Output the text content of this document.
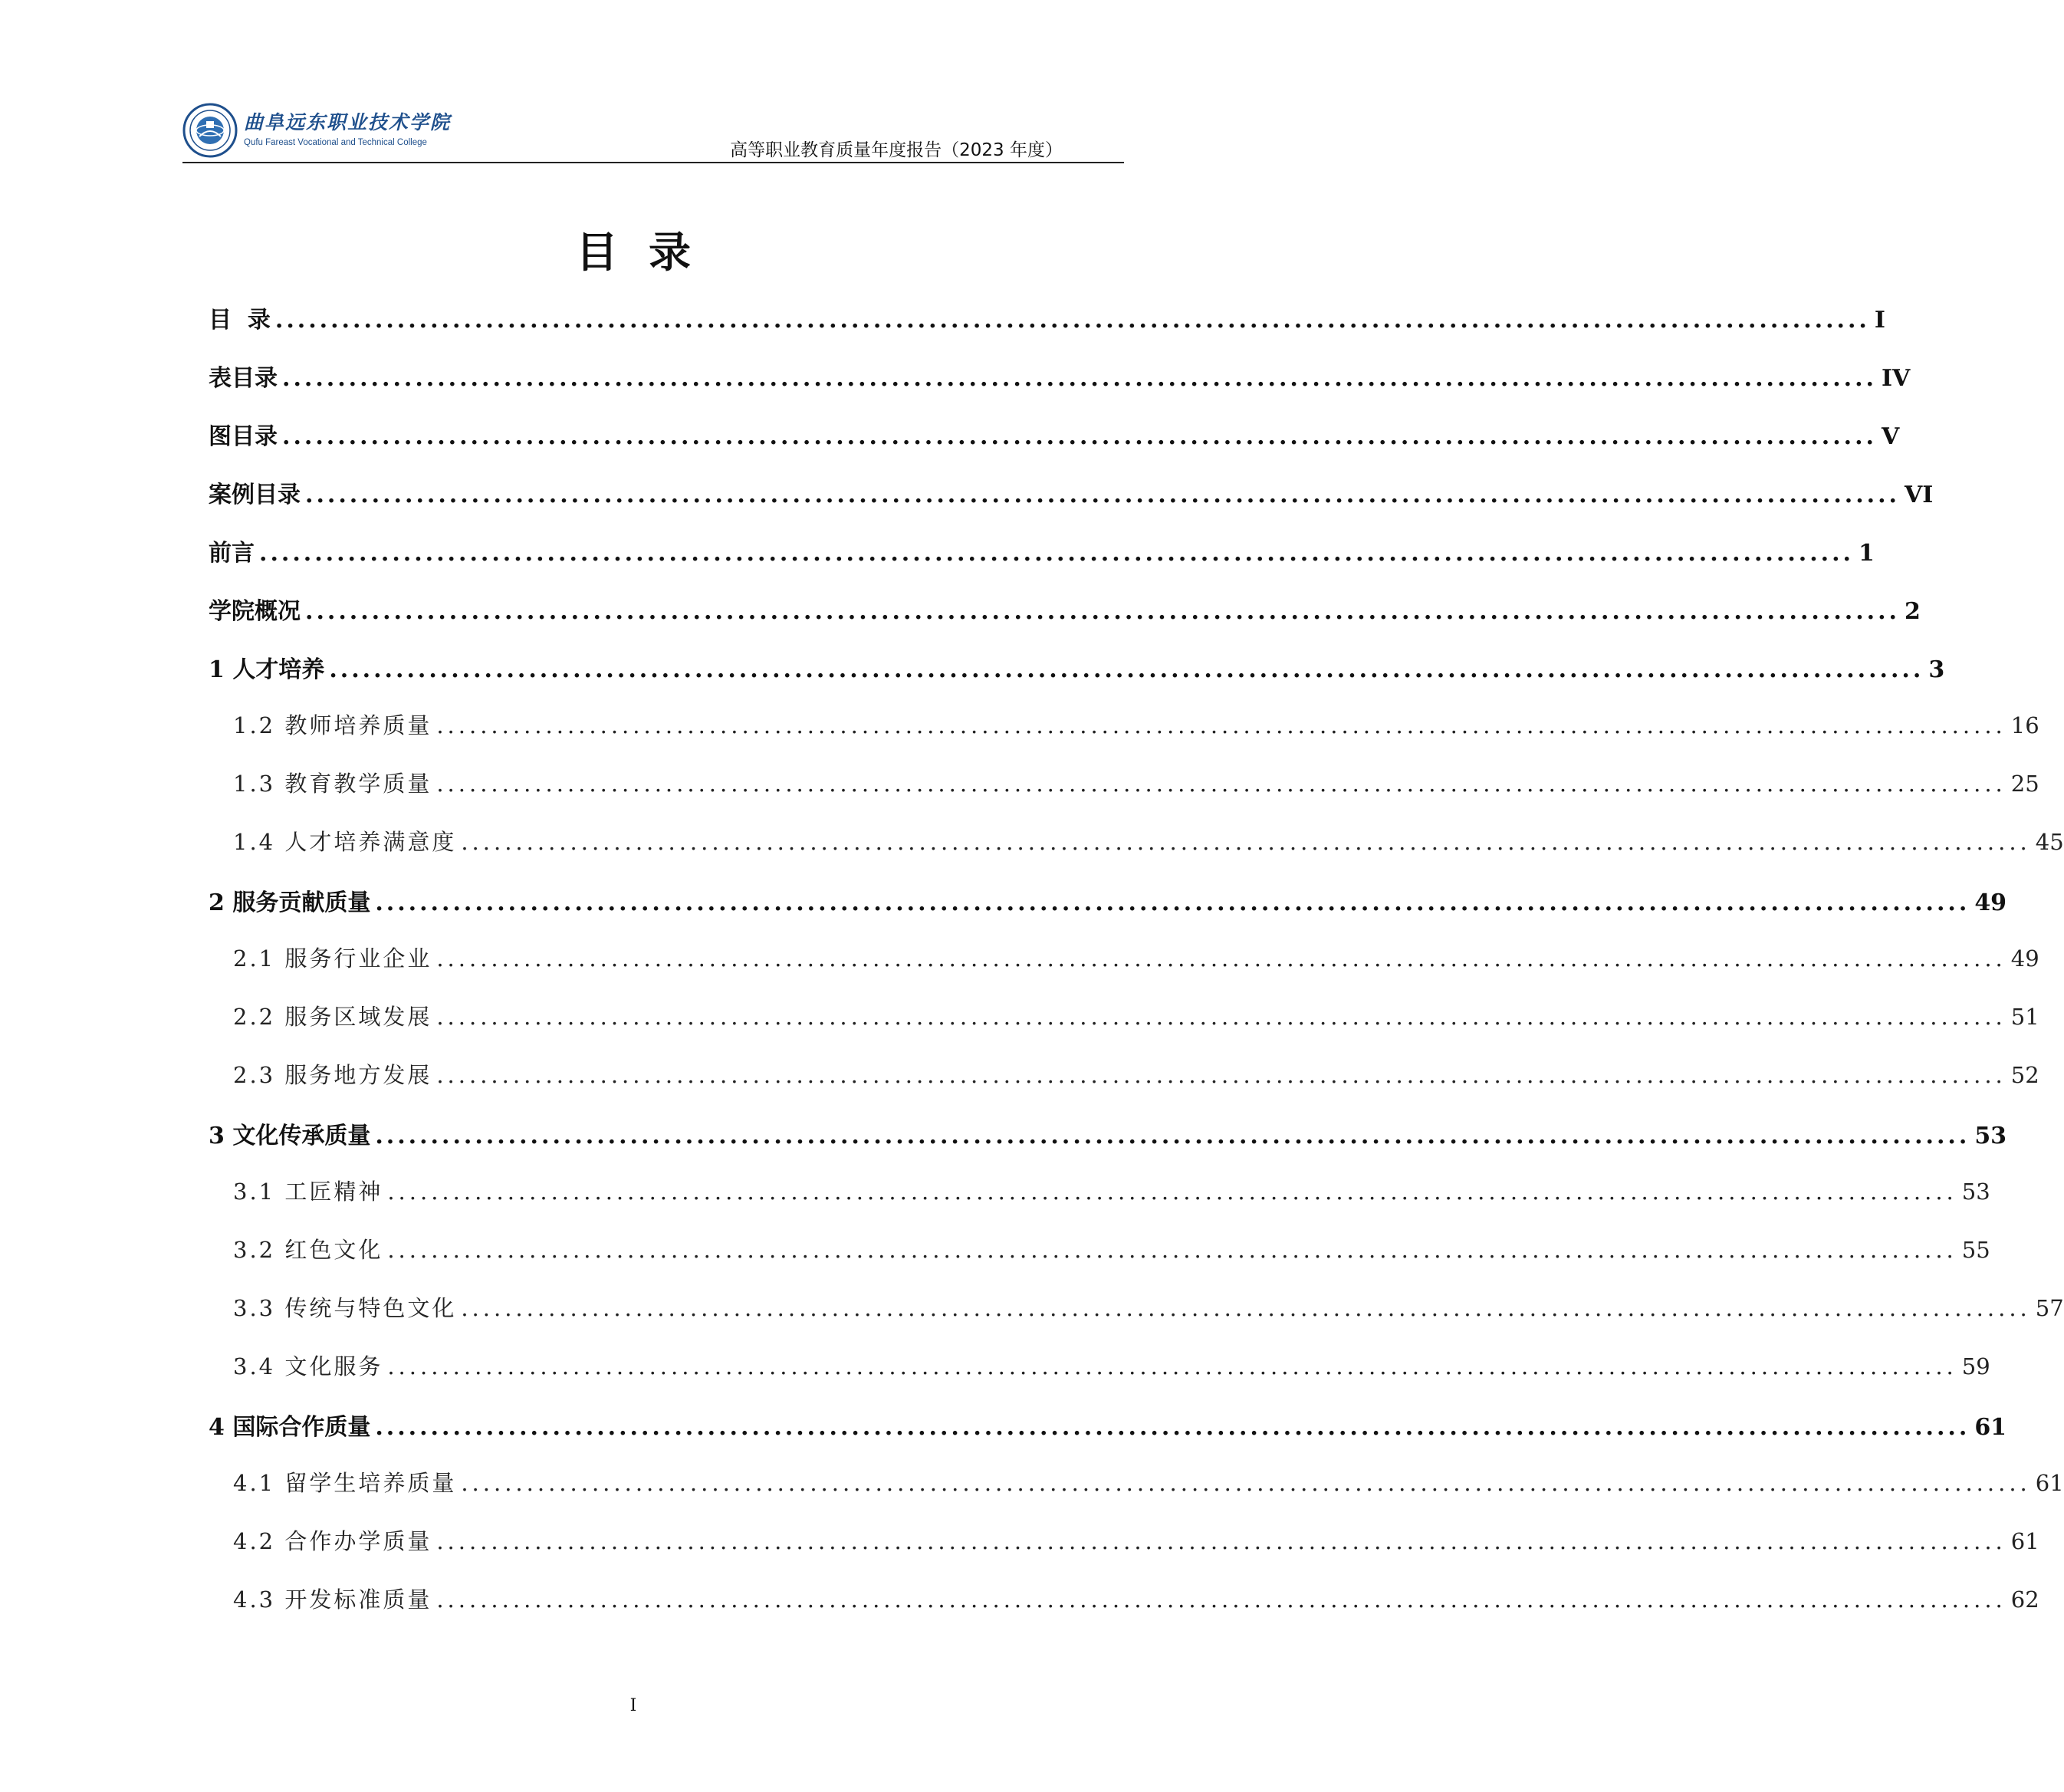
曲阜远东职业技术学院
Qufu Fareast Vocational and Technical College	高等职业教育质量年度报告（2023 年度）
目录
目  录 ................................................................................................................................................ I
表目录 ................................................................................................................................................ IV
图目录 ................................................................................................................................................ V
案例目录 ................................................................................................................................................ VI
前言 ................................................................................................................................................ 1
学院概况 ................................................................................................................................................ 2
1 人才培养 ................................................................................................................................................ 3
1.2 教师培养质量 ................................................................................................................................................ 16
1.3 教育教学质量 ................................................................................................................................................ 25
1.4 人才培养满意度 ................................................................................................................................................ 45
2 服务贡献质量 ................................................................................................................................................ 49
2.1 服务行业企业 ................................................................................................................................................ 49
2.2 服务区域发展 ................................................................................................................................................ 51
2.3 服务地方发展 ................................................................................................................................................ 52
3 文化传承质量 ................................................................................................................................................ 53
3.1 工匠精神 ................................................................................................................................................ 53
3.2 红色文化 ................................................................................................................................................ 55
3.3 传统与特色文化 ................................................................................................................................................ 57
3.4 文化服务 ................................................................................................................................................ 59
4 国际合作质量 ................................................................................................................................................ 61
4.1 留学生培养质量 ................................................................................................................................................ 61
4.2 合作办学质量 ................................................................................................................................................ 61
4.3 开发标准质量 ................................................................................................................................................ 62
I
